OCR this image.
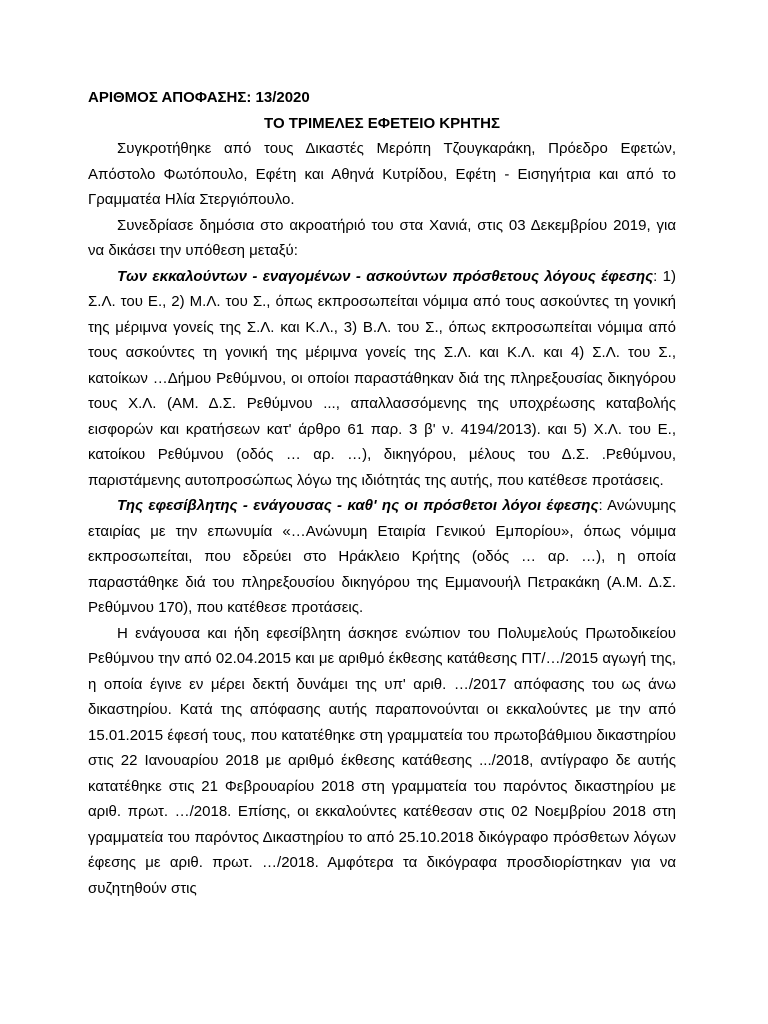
ΑΡΙΘΜΟΣ ΑΠΟΦΑΣΗΣ: 13/2020

ΤΟ ΤΡΙΜΕΛΕΣ ΕΦΕΤΕΙΟ ΚΡΗΤΗΣ

Συγκροτήθηκε από τους Δικαστές Μερόπη Τζουγκαράκη, Πρόεδρο Εφετών, Απόστολο Φωτόπουλο, Εφέτη και Αθηνά Κυτρίδου, Εφέτη - Εισηγήτρια και από το Γραμματέα Ηλία Στεργιόπουλο.

Συνεδρίασε δημόσια στο ακροατήριό του στα Χανιά, στις 03 Δεκεμβρίου 2019, για να δικάσει την υπόθεση μεταξύ:

Των εκκαλούντων - εναγομένων - ασκούντων πρόσθετους λόγους έφεσης: 1) Σ.Λ. του Ε., 2) Μ.Λ. του Σ., όπως εκπροσωπείται νόμιμα από τους ασκούντες τη γονική της μέριμνα γονείς της Σ.Λ. και Κ.Λ., 3) Β.Λ. του Σ., όπως εκπροσωπείται νόμιμα από τους ασκούντες τη γονική της μέριμνα γονείς της Σ.Λ. και Κ.Λ. και 4) Σ.Λ. του Σ., κατοίκων …Δήμου Ρεθύμνου, οι οποίοι παραστάθηκαν διά της πληρεξουσίας δικηγόρου τους Χ.Λ. (ΑΜ. Δ.Σ. Ρεθύμνου ..., απαλλασσόμενης της υποχρέωσης καταβολής εισφορών και κρατήσεων κατ' άρθρο 61 παρ. 3 β' ν. 4194/2013). και 5) Χ.Λ. του Ε., κατοίκου Ρεθύμνου (οδός … αρ. …), δικηγόρου, μέλους του Δ.Σ. .Ρεθύμνου, παριστάμενης αυτοπροσώπως λόγω της ιδιότητάς της αυτής, που κατέθεσε προτάσεις.

Της εφεσίβλητης - ενάγουσας - καθ' ης οι πρόσθετοι λόγοι έφεσης: Ανώνυμης εταιρίας με την επωνυμία «…Ανώνυμη Εταιρία Γενικού Εμπορίου», όπως νόμιμα εκπροσωπείται, που εδρεύει στο Ηράκλειο Κρήτης (οδός … αρ. …), η οποία παραστάθηκε διά του πληρεξουσίου δικηγόρου της Εμμανουήλ Πετρακάκη (Α.Μ. Δ.Σ. Ρεθύμνου 170), που κατέθεσε προτάσεις.

Η ενάγουσα και ήδη εφεσίβλητη άσκησε ενώπιον του Πολυμελούς Πρωτοδικείου Ρεθύμνου την από 02.04.2015 και με αριθμό έκθεσης κατάθεσης ΠΤ/…/2015 αγωγή της, η οποία έγινε εν μέρει δεκτή δυνάμει της υπ' αριθ. …/2017 απόφασης του ως άνω δικαστηρίου. Κατά της απόφασης αυτής παραπονούνται οι εκκαλούντες με την από 15.01.2015 έφεσή τους, που κατατέθηκε στη γραμματεία του πρωτοβάθμιου δικαστηρίου στις 22 Ιανουαρίου 2018 με αριθμό έκθεσης κατάθεσης .../2018, αντίγραφο δε αυτής κατατέθηκε στις 21 Φεβρουαρίου 2018 στη γραμματεία του παρόντος δικαστηρίου με αριθ. πρωτ. …/2018. Επίσης, οι εκκαλούντες κατέθεσαν στις 02 Νοεμβρίου 2018 στη γραμματεία του παρόντος Δικαστηρίου το από 25.10.2018 δικόγραφο πρόσθετων λόγων έφεσης με αριθ. πρωτ. …/2018. Αμφότερα τα δικόγραφα προσδιορίστηκαν για να συζητηθούν στις
